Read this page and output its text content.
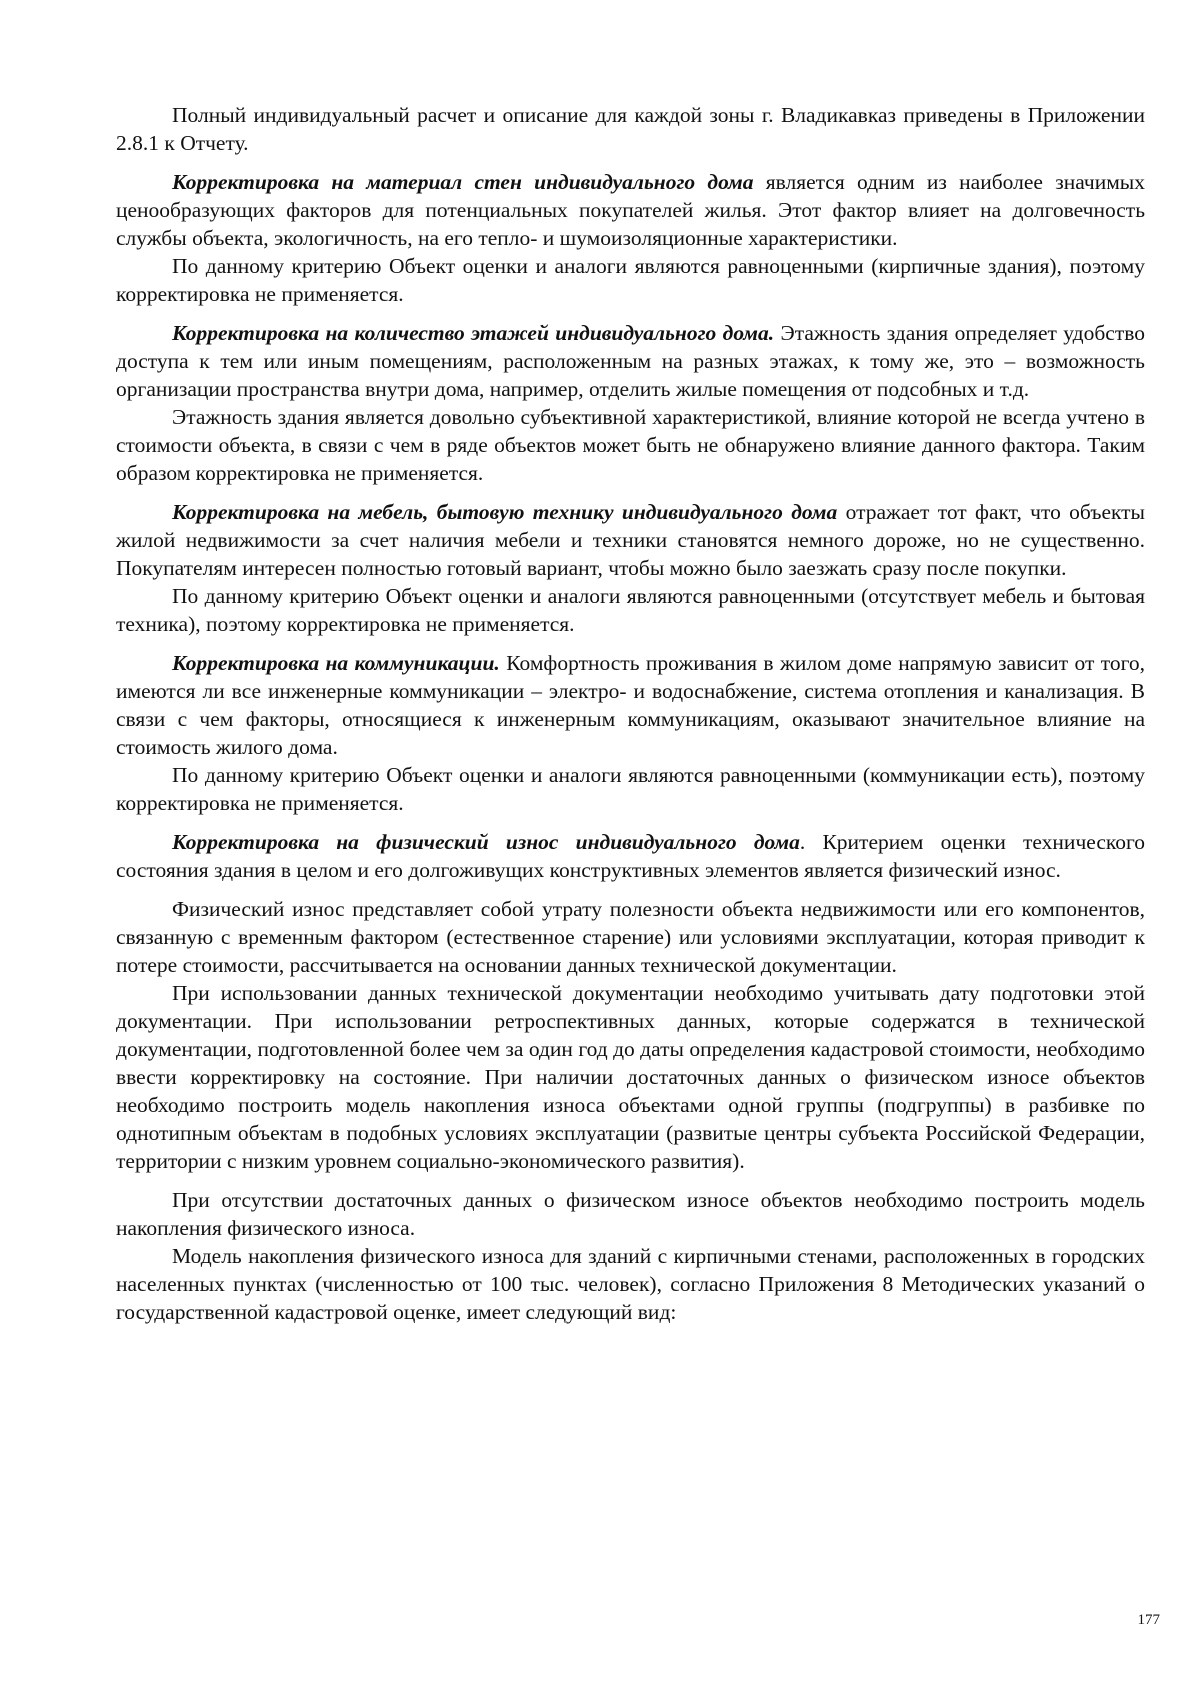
Полный индивидуальный расчет и описание для каждой зоны г. Владикавказ приведены в Приложении 2.8.1 к Отчету.

Корректировка на материал стен индивидуального дома является одним из наиболее значимых ценообразующих факторов для потенциальных покупателей жилья. Этот фактор влияет на долговечность службы объекта, экологичность, на его тепло- и шумоизоляционные характеристики.

По данному критерию Объект оценки и аналоги являются равноценными (кирпичные здания), поэтому корректировка не применяется.

Корректировка на количество этажей индивидуального дома. Этажность здания определяет удобство доступа к тем или иным помещениям, расположенным на разных этажах, к тому же, это – возможность организации пространства внутри дома, например, отделить жилые помещения от подсобных и т.д.

Этажность здания является довольно субъективной характеристикой, влияние которой не всегда учтено в стоимости объекта, в связи с чем в ряде объектов может быть не обнаружено влияние данного фактора. Таким образом корректировка не применяется.

Корректировка на мебель, бытовую технику индивидуального дома отражает тот факт, что объекты жилой недвижимости за счет наличия мебели и техники становятся немного дороже, но не существенно. Покупателям интересен полностью готовый вариант, чтобы можно было заезжать сразу после покупки.

По данному критерию Объект оценки и аналоги являются равноценными (отсутствует мебель и бытовая техника), поэтому корректировка не применяется.

Корректировка на коммуникации. Комфортность проживания в жилом доме напрямую зависит от того, имеются ли все инженерные коммуникации – электро- и водоснабжение, система отопления и канализация. В связи с чем факторы, относящиеся к инженерным коммуникациям, оказывают значительное влияние на стоимость жилого дома.

По данному критерию Объект оценки и аналоги являются равноценными (коммуникации есть), поэтому корректировка не применяется.

Корректировка на физический износ индивидуального дома. Критерием оценки технического состояния здания в целом и его долгоживущих конструктивных элементов является физический износ.

Физический износ представляет собой утрату полезности объекта недвижимости или его компонентов, связанную с временным фактором (естественное старение) или условиями эксплуатации, которая приводит к потере стоимости, рассчитывается на основании данных технической документации.

При использовании данных технической документации необходимо учитывать дату подготовки этой документации. При использовании ретроспективных данных, которые содержатся в технической документации, подготовленной более чем за один год до даты определения кадастровой стоимости, необходимо ввести корректировку на состояние. При наличии достаточных данных о физическом износе объектов необходимо построить модель накопления износа объектами одной группы (подгруппы) в разбивке по однотипным объектам в подобных условиях эксплуатации (развитые центры субъекта Российской Федерации, территории с низким уровнем социально-экономического развития).

При отсутствии достаточных данных о физическом износе объектов необходимо построить модель накопления физического износа.

Модель накопления физического износа для зданий с кирпичными стенами, расположенных в городских населенных пунктах (численностью от 100 тыс. человек), согласно Приложения 8 Методических указаний о государственной кадастровой оценке, имеет следующий вид:

177
